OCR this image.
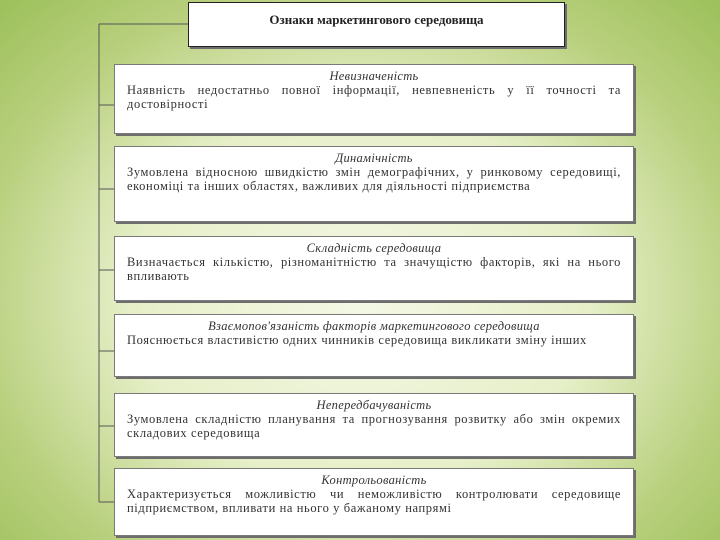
Ознаки маркетингового середовища
Невизначеність
Наявність недостатньо повної інформації, невпевненість у її точності та достовірності
Динамічність
Зумовлена відносною швидкістю змін демографічних, у ринковому середовищі, економіці та інших областях, важливих для діяльності підприємства
Складність середовища
Визначається кількістю, різноманітністю та значущістю факторів, які на нього впливають
Взаємопов'язаність факторів маркетингового середовища
Пояснюється властивістю одних чинників середовища викликати зміну інших
Непередбачуваність
Зумовлена складністю планування та прогнозування розвитку або змін окремих складових середовища
Контрольованість
Характеризується можливістю чи неможливістю контролювати середовище підприємством, впливати на нього у бажаному напрямі
